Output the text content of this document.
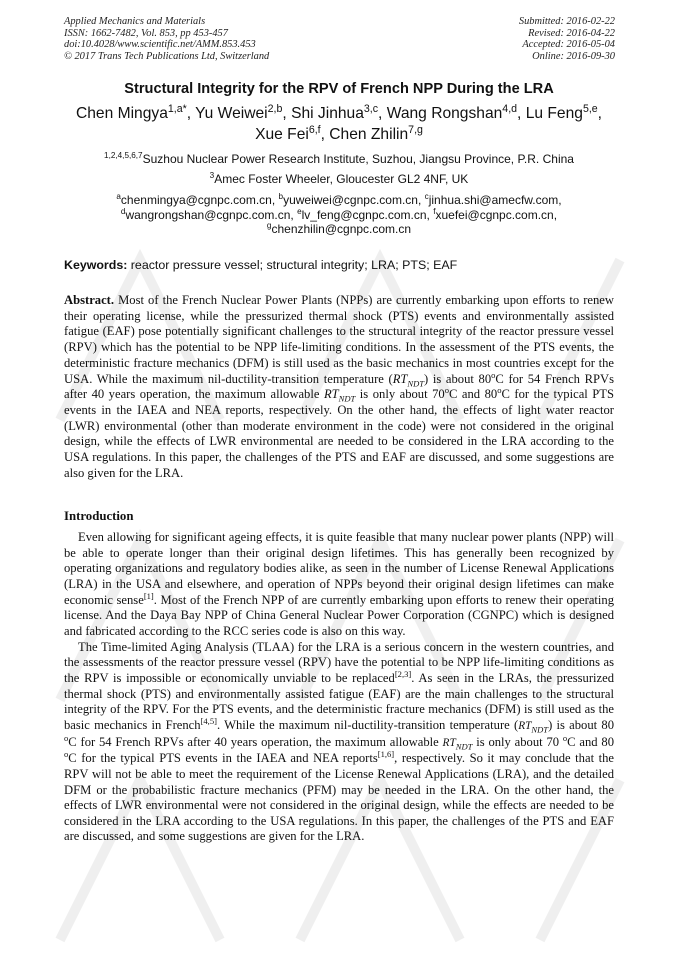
Applied Mechanics and Materials
ISSN: 1662-7482, Vol. 853, pp 453-457
doi:10.4028/www.scientific.net/AMM.853.453
© 2017 Trans Tech Publications Ltd, Switzerland
Submitted: 2016-02-22
Revised: 2016-04-22
Accepted: 2016-05-04
Online: 2016-09-30
Structural Integrity for the RPV of French NPP During the LRA
Chen Mingya$^{1,a*}$, Yu Weiwei$^{2,b}$, Shi Jinhua$^{3,c}$, Wang Rongshan$^{4,d}$, Lu Feng$^{5,e}$,
Xue Fei$^{6,f}$, Chen Zhilin$^{7,g}$
$^{1,2,4,5,6,7}$Suzhou Nuclear Power Research Institute, Suzhou, Jiangsu Province, P.R. China
$^3$Amec Foster Wheeler, Gloucester GL2 4NF, UK
$^a$chenmingya@cgnpc.com.cn, $^b$yuweiwei@cgnpc.com.cn, $^c$jinhua.shi@amecfw.com,
$^d$wangrongshan@cgnpc.com.cn, $^e$lv_feng@cgnpc.com.cn, $^f$xuefei@cgnpc.com.cn,
$^g$chenzhilin@cgnpc.com.cn
Keywords: reactor pressure vessel; structural integrity; LRA; PTS; EAF

Abstract. Most of the French Nuclear Power Plants (NPPs) are currently embarking upon efforts to renew their operating license, while the pressurized thermal shock (PTS) events and environmentally assisted fatigue (EAF) pose potentially significant challenges to the structural integrity of the reactor pressure vessel (RPV) which has the potential to be NPP life-limiting conditions. In the assessment of the PTS events, the deterministic fracture mechanics (DFM) is still used as the basic mechanics in most countries except for the USA. While the maximum nil-ductility-transition temperature $(RT_{NDT})$ is about 80$^o$C for 54 French RPVs after 40 years operation, the maximum allowable $RT_{NDT}$ is only about 70$^o$C and 80$^o$C for the typical PTS events in the IAEA and NEA reports, respectively. On the other hand, the effects of light water reactor (LWR) environmental (other than moderate environment in the code) were not considered in the original design, while the effects of LWR environmental are needed to be considered in the LRA according to the USA regulations. In this paper, the challenges of the PTS and EAF are discussed, and some suggestions are also given for the LRA.

Introduction

Even allowing for significant ageing effects, it is quite feasible that many nuclear power plants (NPP) will be able to operate longer than their original design lifetimes. This has generally been recognized by operating organizations and regulatory bodies alike, as seen in the number of License Renewal Applications (LRA) in the USA and elsewhere, and operation of NPPs beyond their original design lifetimes can make economic sense[1]. Most of the French NPP of are currently embarking upon efforts to renew their operating license. And the Daya Bay NPP of China General Nuclear Power Corporation (CGNPC) which is designed and fabricated according to the RCC series code is also on this way.

The Time-limited Aging Analysis (TLAA) for the LRA is a serious concern in the western countries, and the assessments of the reactor pressure vessel (RPV) have the potential to be NPP life-limiting conditions as the RPV is impossible or economically unviable to be replaced[2,3]. As seen in the LRAs, the pressurized thermal shock (PTS) and environmentally assisted fatigue (EAF) are the main challenges to the structural integrity of the RPV. For the PTS events, and the deterministic fracture mechanics (DFM) is still used as the basic mechanics in French[4,5]. While the maximum nil-ductility-transition temperature $(RT_{NDT})$ is about 80 $^o$C for 54 French RPVs after 40 years operation, the maximum allowable $RT_{NDT}$ is only about 70 $^o$C and 80 $^o$C for the typical PTS events in the IAEA and NEA reports[1,6], respectively. So it may conclude that the RPV will not be able to meet the requirement of the License Renewal Applications (LRA), and the detailed DFM or the probabilistic fracture mechanics (PFM) may be needed in the LRA. On the other hand, the effects of LWR environmental were not considered in the original design, while the effects are needed to be considered in the LRA according to the USA regulations. In this paper, the challenges of the PTS and EAF are discussed, and some suggestions are given for the LRA.
